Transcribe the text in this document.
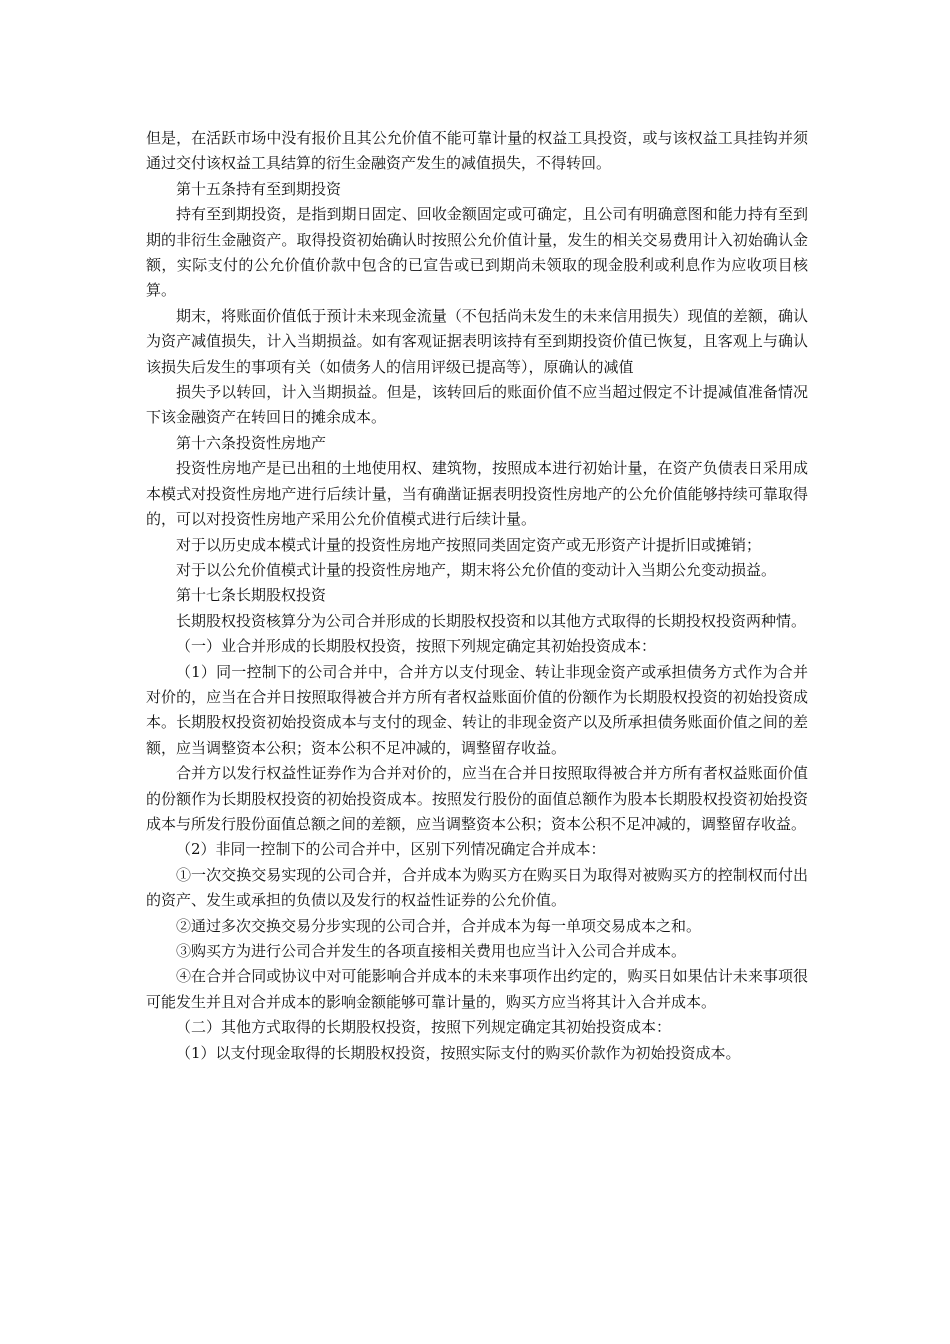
但是，在活跃市场中没有报价且其公允价值不能可靠计量的权益工具投资，或与该权益工具挂钩并须通过交付该权益工具结算的衍生金融资产发生的减值损失，不得转回。

第十五条持有至到期投资

持有至到期投资，是指到期日固定、回收金额固定或可确定，且公司有明确意图和能力持有至到期的非衍生金融资产。取得投资初始确认时按照公允价值计量，发生的相关交易费用计入初始确认金额，实际支付的公允价值价款中包含的已宣告或已到期尚未领取的现金股利或利息作为应收项目核算。

期末，将账面价值低于预计未来现金流量（不包括尚未发生的未来信用损失）现值的差额，确认为资产减值损失，计入当期损益。如有客观证据表明该持有至到期投资价值已恢复，且客观上与确认该损失后发生的事项有关（如债务人的信用评级已提高等），原确认的减值

损失予以转回，计入当期损益。但是，该转回后的账面价值不应当超过假定不计提减值准备情况下该金融资产在转回日的摊余成本。

第十六条投资性房地产

投资性房地产是已出租的土地使用权、建筑物，按照成本进行初始计量，在资产负债表日采用成本模式对投资性房地产进行后续计量，当有确凿证据表明投资性房地产的公允价值能够持续可靠取得的，可以对投资性房地产采用公允价值模式进行后续计量。

对于以历史成本模式计量的投资性房地产按照同类固定资产或无形资产计提折旧或摊销；

对于以公允价值模式计量的投资性房地产，期末将公允价值的变动计入当期公允变动损益。

第十七条长期股权投资

长期股权投资核算分为公司合并形成的长期股权投资和以其他方式取得的长期投权投资两种情。

（一）业合并形成的长期股权投资，按照下列规定确定其初始投资成本：

（1）同一控制下的公司合并中，合并方以支付现金、转让非现金资产或承担债务方式作为合并对价的，应当在合并日按照取得被合并方所有者权益账面价值的份额作为长期股权投资的初始投资成本。长期股权投资初始投资成本与支付的现金、转让的非现金资产以及所承担债务账面价值之间的差额，应当调整资本公积；资本公积不足冲减的，调整留存收益。

合并方以发行权益性证券作为合并对价的，应当在合并日按照取得被合并方所有者权益账面价值的份额作为长期股权投资的初始投资成本。按照发行股份的面值总额作为股本长期股权投资初始投资成本与所发行股份面值总额之间的差额，应当调整资本公积；资本公积不足冲减的，调整留存收益。

（2）非同一控制下的公司合并中，区别下列情况确定合并成本：

①一次交换交易实现的公司合并，合并成本为购买方在购买日为取得对被购买方的控制权而付出的资产、发生或承担的负债以及发行的权益性证券的公允价值。

②通过多次交换交易分步实现的公司合并，合并成本为每一单项交易成本之和。

③购买方为进行公司合并发生的各项直接相关费用也应当计入公司合并成本。

④在合并合同或协议中对可能影响合并成本的未来事项作出约定的，购买日如果估计未来事项很可能发生并且对合并成本的影响金额能够可靠计量的，购买方应当将其计入合并成本。

（二）其他方式取得的长期股权投资，按照下列规定确定其初始投资成本：

（1）以支付现金取得的长期股权投资，按照实际支付的购买价款作为初始投资成本。
